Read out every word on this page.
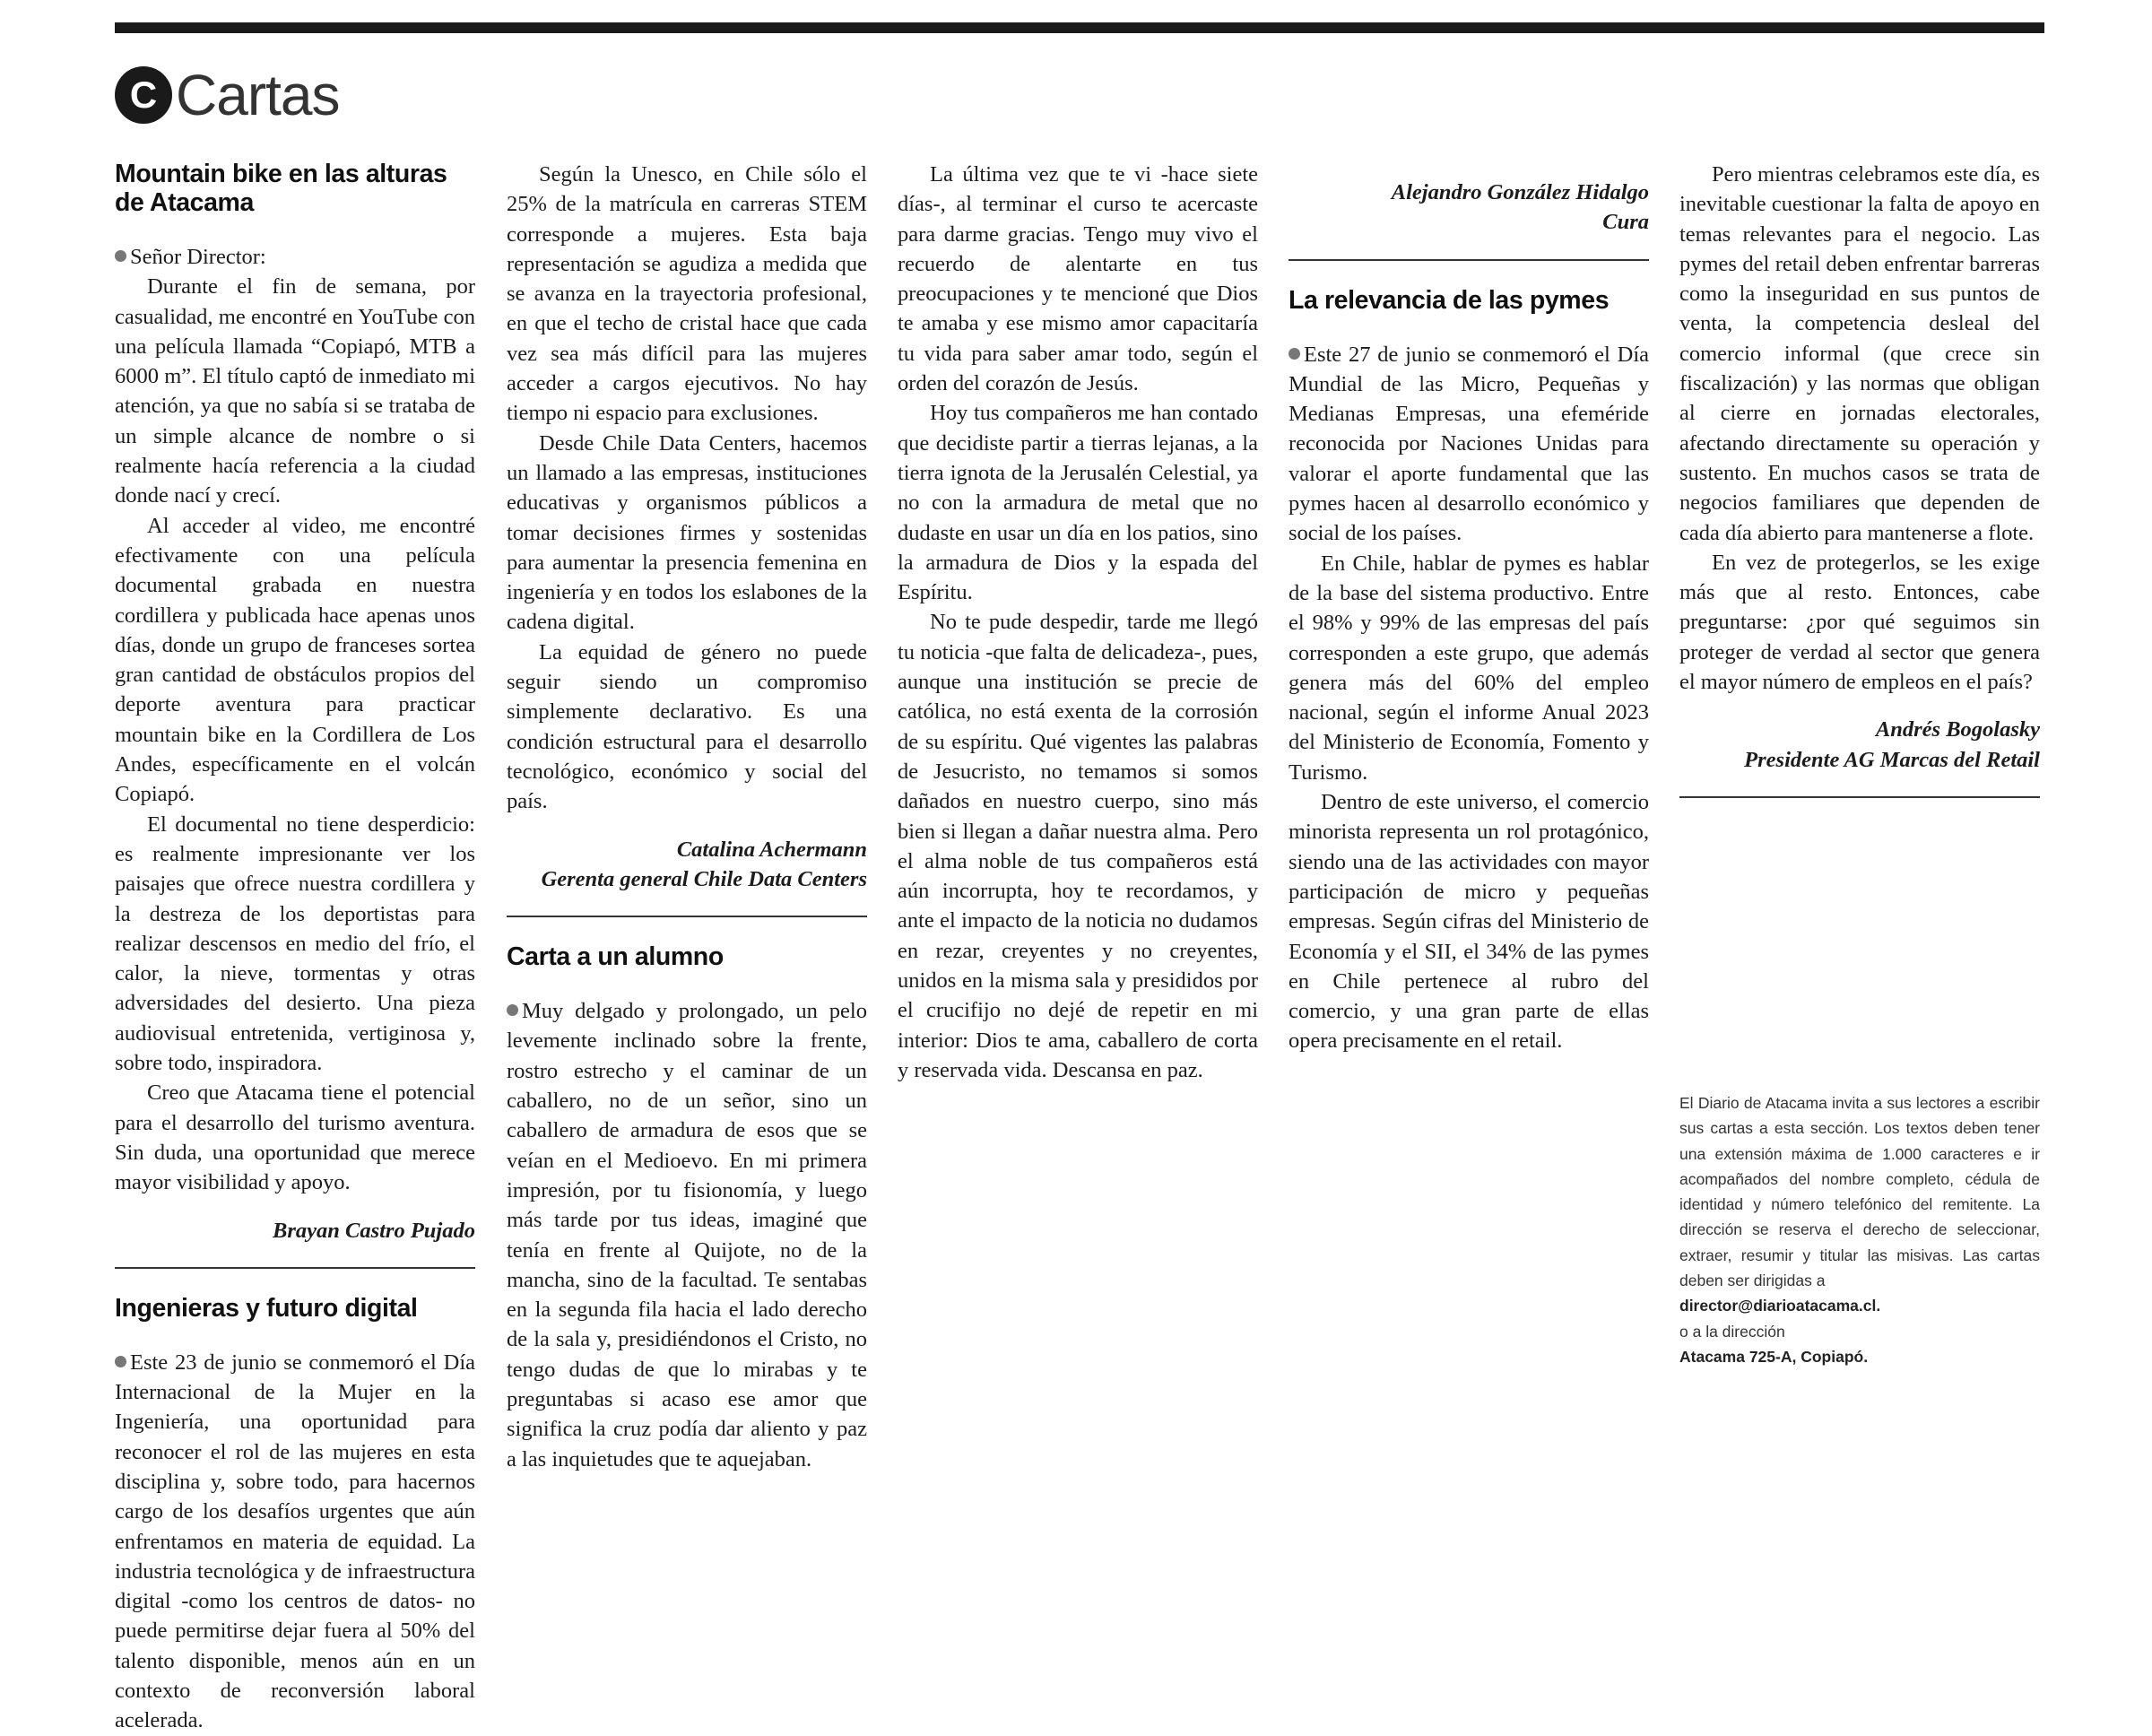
C Cartas
Mountain bike en las alturas de Atacama

Señor Director:

Durante el fin de semana, por casualidad, me encontré en YouTube con una película llamada “Copiapó, MTB a 6000 m”. El título captó de inmediato mi atención, ya que no sabía si se trataba de un simple alcance de nombre o si realmente hacía referencia a la ciudad donde nací y crecí.

Al acceder al video, me encontré efectivamente con una película documental grabada en nuestra cordillera y publicada hace apenas unos días, donde un grupo de franceses sortea gran cantidad de obstáculos propios del deporte aventura para practicar mountain bike en la Cordillera de Los Andes, específicamente en el volcán Copiapó.

El documental no tiene desperdicio: es realmente impresionante ver los paisajes que ofrece nuestra cordillera y la destreza de los deportistas para realizar descensos en medio del frío, el calor, la nieve, tormentas y otras adversidades del desierto. Una pieza audiovisual entretenida, vertiginosa y, sobre todo, inspiradora.

Creo que Atacama tiene el potencial para el desarrollo del turismo aventura. Sin duda, una oportunidad que merece mayor visibilidad y apoyo.

Brayan Castro Pujado
Ingenieras y futuro digital

Este 23 de junio se conmemoró el Día Internacional de la Mujer en la Ingeniería, una oportunidad para reconocer el rol de las mujeres en esta disciplina y, sobre todo, para hacernos cargo de los desafíos urgentes que aún enfrentamos en materia de equidad. La industria tecnológica y de infraestructura digital -como los centros de datos- no puede permitirse dejar fuera al 50% del talento disponible, menos aún en un contexto de reconversión laboral acelerada.

Según la Unesco, en Chile sólo el 25% de la matrícula en carreras STEM corresponde a mujeres. Esta baja representación se agudiza a medida que se avanza en la trayectoria profesional, en que el techo de cristal hace que cada vez sea más difícil para las mujeres acceder a cargos ejecutivos. No hay tiempo ni espacio para exclusiones.

Desde Chile Data Centers, hacemos un llamado a las empresas, instituciones educativas y organismos públicos a tomar decisiones firmes y sostenidas para aumentar la presencia femenina en ingeniería y en todos los eslabones de la cadena digital.

La equidad de género no puede seguir siendo un compromiso simplemente declarativo. Es una condición estructural para el desarrollo tecnológico, económico y social del país.

Catalina Achermann
Gerenta general Chile Data Centers
Carta a un alumno

Muy delgado y prolongado, un pelo levemente inclinado sobre la frente, rostro estrecho y el caminar de un caballero, no de un señor, sino un caballero de armadura de esos que se veían en el Medioevo. En mi primera impresión, por tu fisionomía, y luego más tarde por tus ideas, imaginé que tenía en frente al Quijote, no de la mancha, sino de la facultad. Te sentabas en la segunda fila hacia el lado derecho de la sala y, presidiéndonos el Cristo, no tengo dudas de que lo mirabas y te preguntabas si acaso ese amor que significa la cruz podía dar aliento y paz a las inquietudes que te aquejaban.

La última vez que te vi -hace siete días-, al terminar el curso te acercaste para darme gracias. Tengo muy vivo el recuerdo de alentarte en tus preocupaciones y te mencioné que Dios te amaba y ese mismo amor capacitaría tu vida para saber amar todo, según el orden del corazón de Jesús.

Hoy tus compañeros me han contado que decidiste partir a tierras lejanas, a la tierra ignota de la Jerusalén Celestial, ya no con la armadura de metal que no dudaste en usar un día en los patios, sino la armadura de Dios y la espada del Espíritu.

No te pude despedir, tarde me llegó tu noticia -que falta de delicadeza-, pues, aunque una institución se precie de católica, no está exenta de la corrosión de su espíritu. Qué vigentes las palabras de Jesucristo, no temamos si somos dañados en nuestro cuerpo, sino más bien si llegan a dañar nuestra alma. Pero el alma noble de tus compañeros está aún incorrupta, hoy te recordamos, y ante el impacto de la noticia no dudamos en rezar, creyentes y no creyentes, unidos en la misma sala y presididos por el crucifijo no dejé de repetir en mi interior: Dios te ama, caballero de corta y reservada vida. Descansa en paz.

Alejandro González Hidalgo
Cura
La relevancia de las pymes

Este 27 de junio se conmemoró el Día Mundial de las Micro, Pequeñas y Medianas Empresas, una efeméride reconocida por Naciones Unidas para valorar el aporte fundamental que las pymes hacen al desarrollo económico y social de los países.

En Chile, hablar de pymes es hablar de la base del sistema productivo. Entre el 98% y 99% de las empresas del país corresponden a este grupo, que además genera más del 60% del empleo nacional, según el informe Anual 2023 del Ministerio de Economía, Fomento y Turismo.

Dentro de este universo, el comercio minorista representa un rol protagónico, siendo una de las actividades con mayor participación de micro y pequeñas empresas. Según cifras del Ministerio de Economía y el SII, el 34% de las pymes en Chile pertenece al rubro del comercio, y una gran parte de ellas opera precisamente en el retail.

Pero mientras celebramos este día, es inevitable cuestionar la falta de apoyo en temas relevantes para el negocio. Las pymes del retail deben enfrentar barreras como la inseguridad en sus puntos de venta, la competencia desleal del comercio informal (que crece sin fiscalización) y las normas que obligan al cierre en jornadas electorales, afectando directamente su operación y sustento. En muchos casos se trata de negocios familiares que dependen de cada día abierto para mantenerse a flote.

En vez de protegerlos, se les exige más que al resto. Entonces, cabe preguntarse: ¿por qué seguimos sin proteger de verdad al sector que genera el mayor número de empleos en el país?

Andrés Bogolasky
Presidente AG Marcas del Retail
El Diario de Atacama invita a sus lectores a escribir sus cartas a esta sección. Los textos deben tener una extensión máxima de 1.000 caracteres e ir acompañados del nombre completo, cédula de identidad y número telefónico del remitente. La dirección se reserva el derecho de seleccionar, extraer, resumir y titular las misivas. Las cartas deben ser dirigidas a
director@diarioatacama.cl.
o a la dirección
Atacama 725-A, Copiapó.
